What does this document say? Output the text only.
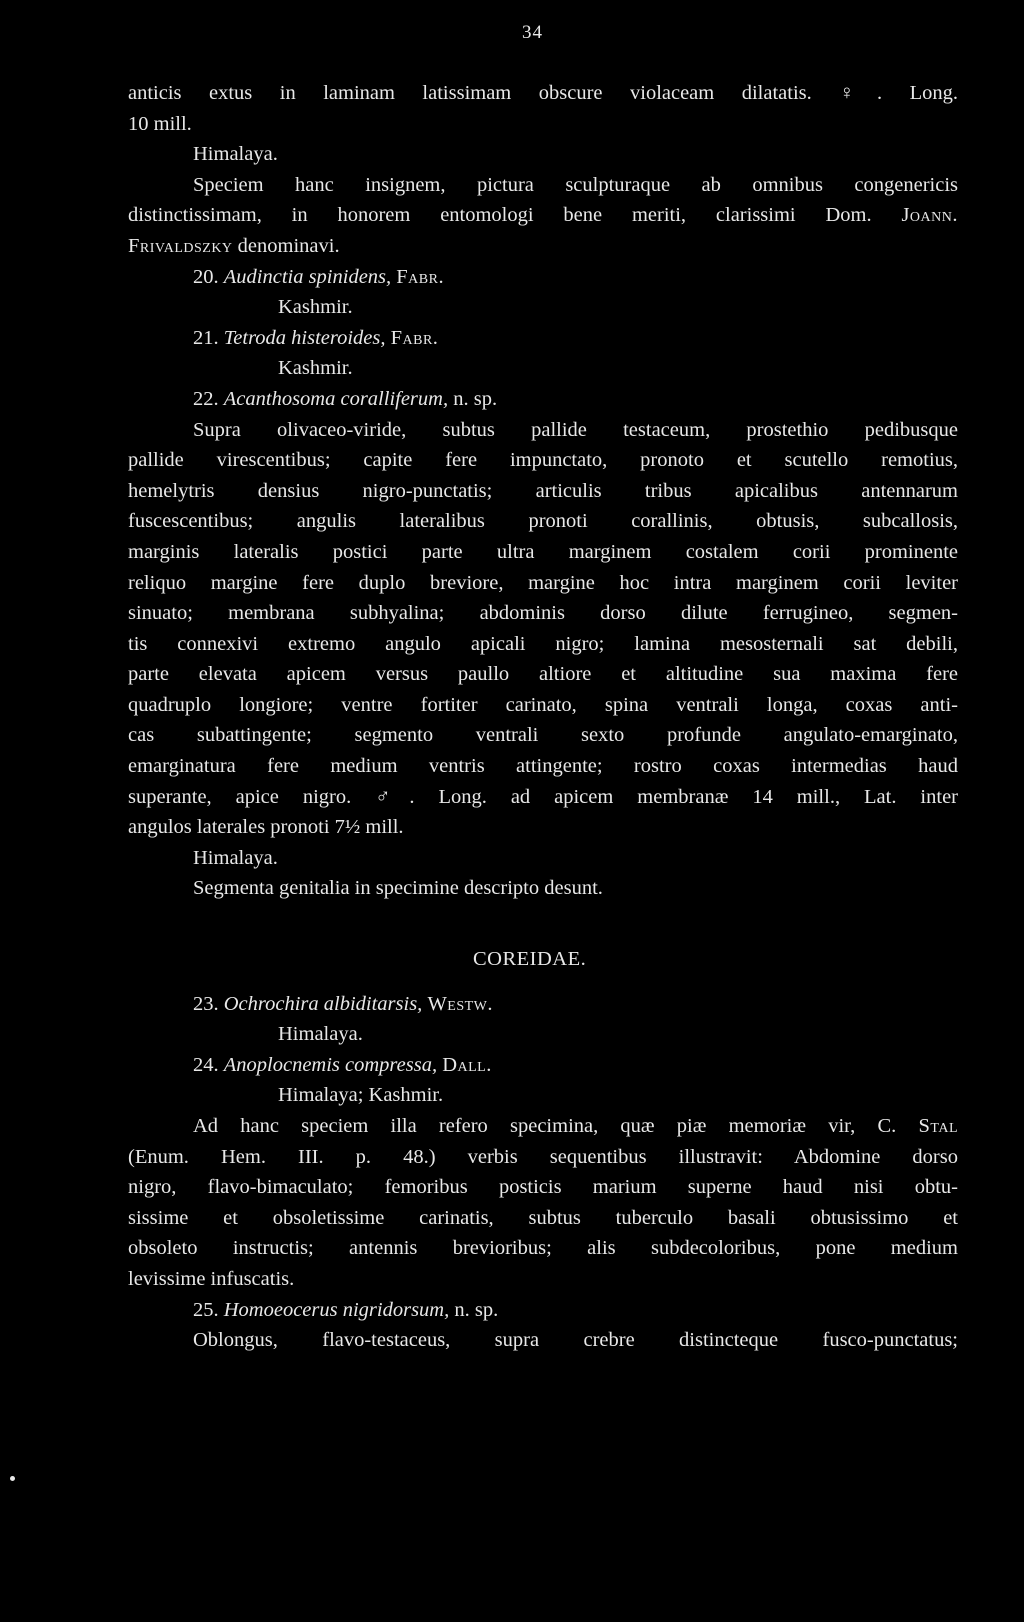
34
anticis extus in laminam latissimam obscure violaceam dilatatis. ♀. Long.
10 mill.
Himalaya.
Speciem hanc insignem, pictura sculpturaque ab omnibus congenericis
distinctissimam, in honorem entomologi bene meriti, clarissimi Dom. Joann.
Frivaldszky denominavi.
20. Audinctia spinidens, Fabr.
Kashmir.
21. Tetroda histeroides, Fabr.
Kashmir.
22. Acanthosoma coralliferum, n. sp.
Supra olivaceo-viride, subtus pallide testaceum, prostethio pedibusque
pallide virescentibus; capite fere impunctato, pronoto et scutello remotius,
hemelytris densius nigro-punctatis; articulis tribus apicalibus antennarum
fuscescentibus; angulis lateralibus pronoti corallinis, obtusis, subcallosis,
marginis lateralis postici parte ultra marginem costalem corii prominente
reliquo margine fere duplo breviore, margine hoc intra marginem corii leviter
sinuato; membrana subhyalina; abdominis dorso dilute ferrugineo, segmen-
tis connexivi extremo angulo apicali nigro; lamina mesosternali sat debili,
parte elevata apicem versus paullo altiore et altitudine sua maxima fere
quadruplo longiore; ventre fortiter carinato, spina ventrali longa, coxas anti-
cas subattingente; segmento ventrali sexto profunde angulato-emarginato,
emarginatura fere medium ventris attingente; rostro coxas intermedias haud
superante, apice nigro. ♂. Long. ad apicem membranæ 14 mill., Lat. inter
angulos laterales pronoti 7½ mill.
Himalaya.
Segmenta genitalia in specimine descripto desunt.
COREIDAE.
23. Ochrochira albiditarsis, Westw.
Himalaya.
24. Anoplocnemis compressa, Dall.
Himalaya; Kashmir.
Ad hanc speciem illa refero specimina, quæ piæ memoriæ vir, C. Stal
(Enum. Hem. III. p. 48.) verbis sequentibus illustravit: Abdomine dorso
nigro, flavo-bimaculato; femoribus posticis marium superne haud nisi obtu-
sissime et obsoletissime carinatis, subtus tuberculo basali obtusissimo et
obsoleto instructis; antennis brevioribus; alis subdecoloribus, pone medium
levissime infuscatis.
25. Homoeocerus nigridorsum, n. sp.
Oblongus, flavo-testaceus, supra crebre distincteque fusco-punctatus;
